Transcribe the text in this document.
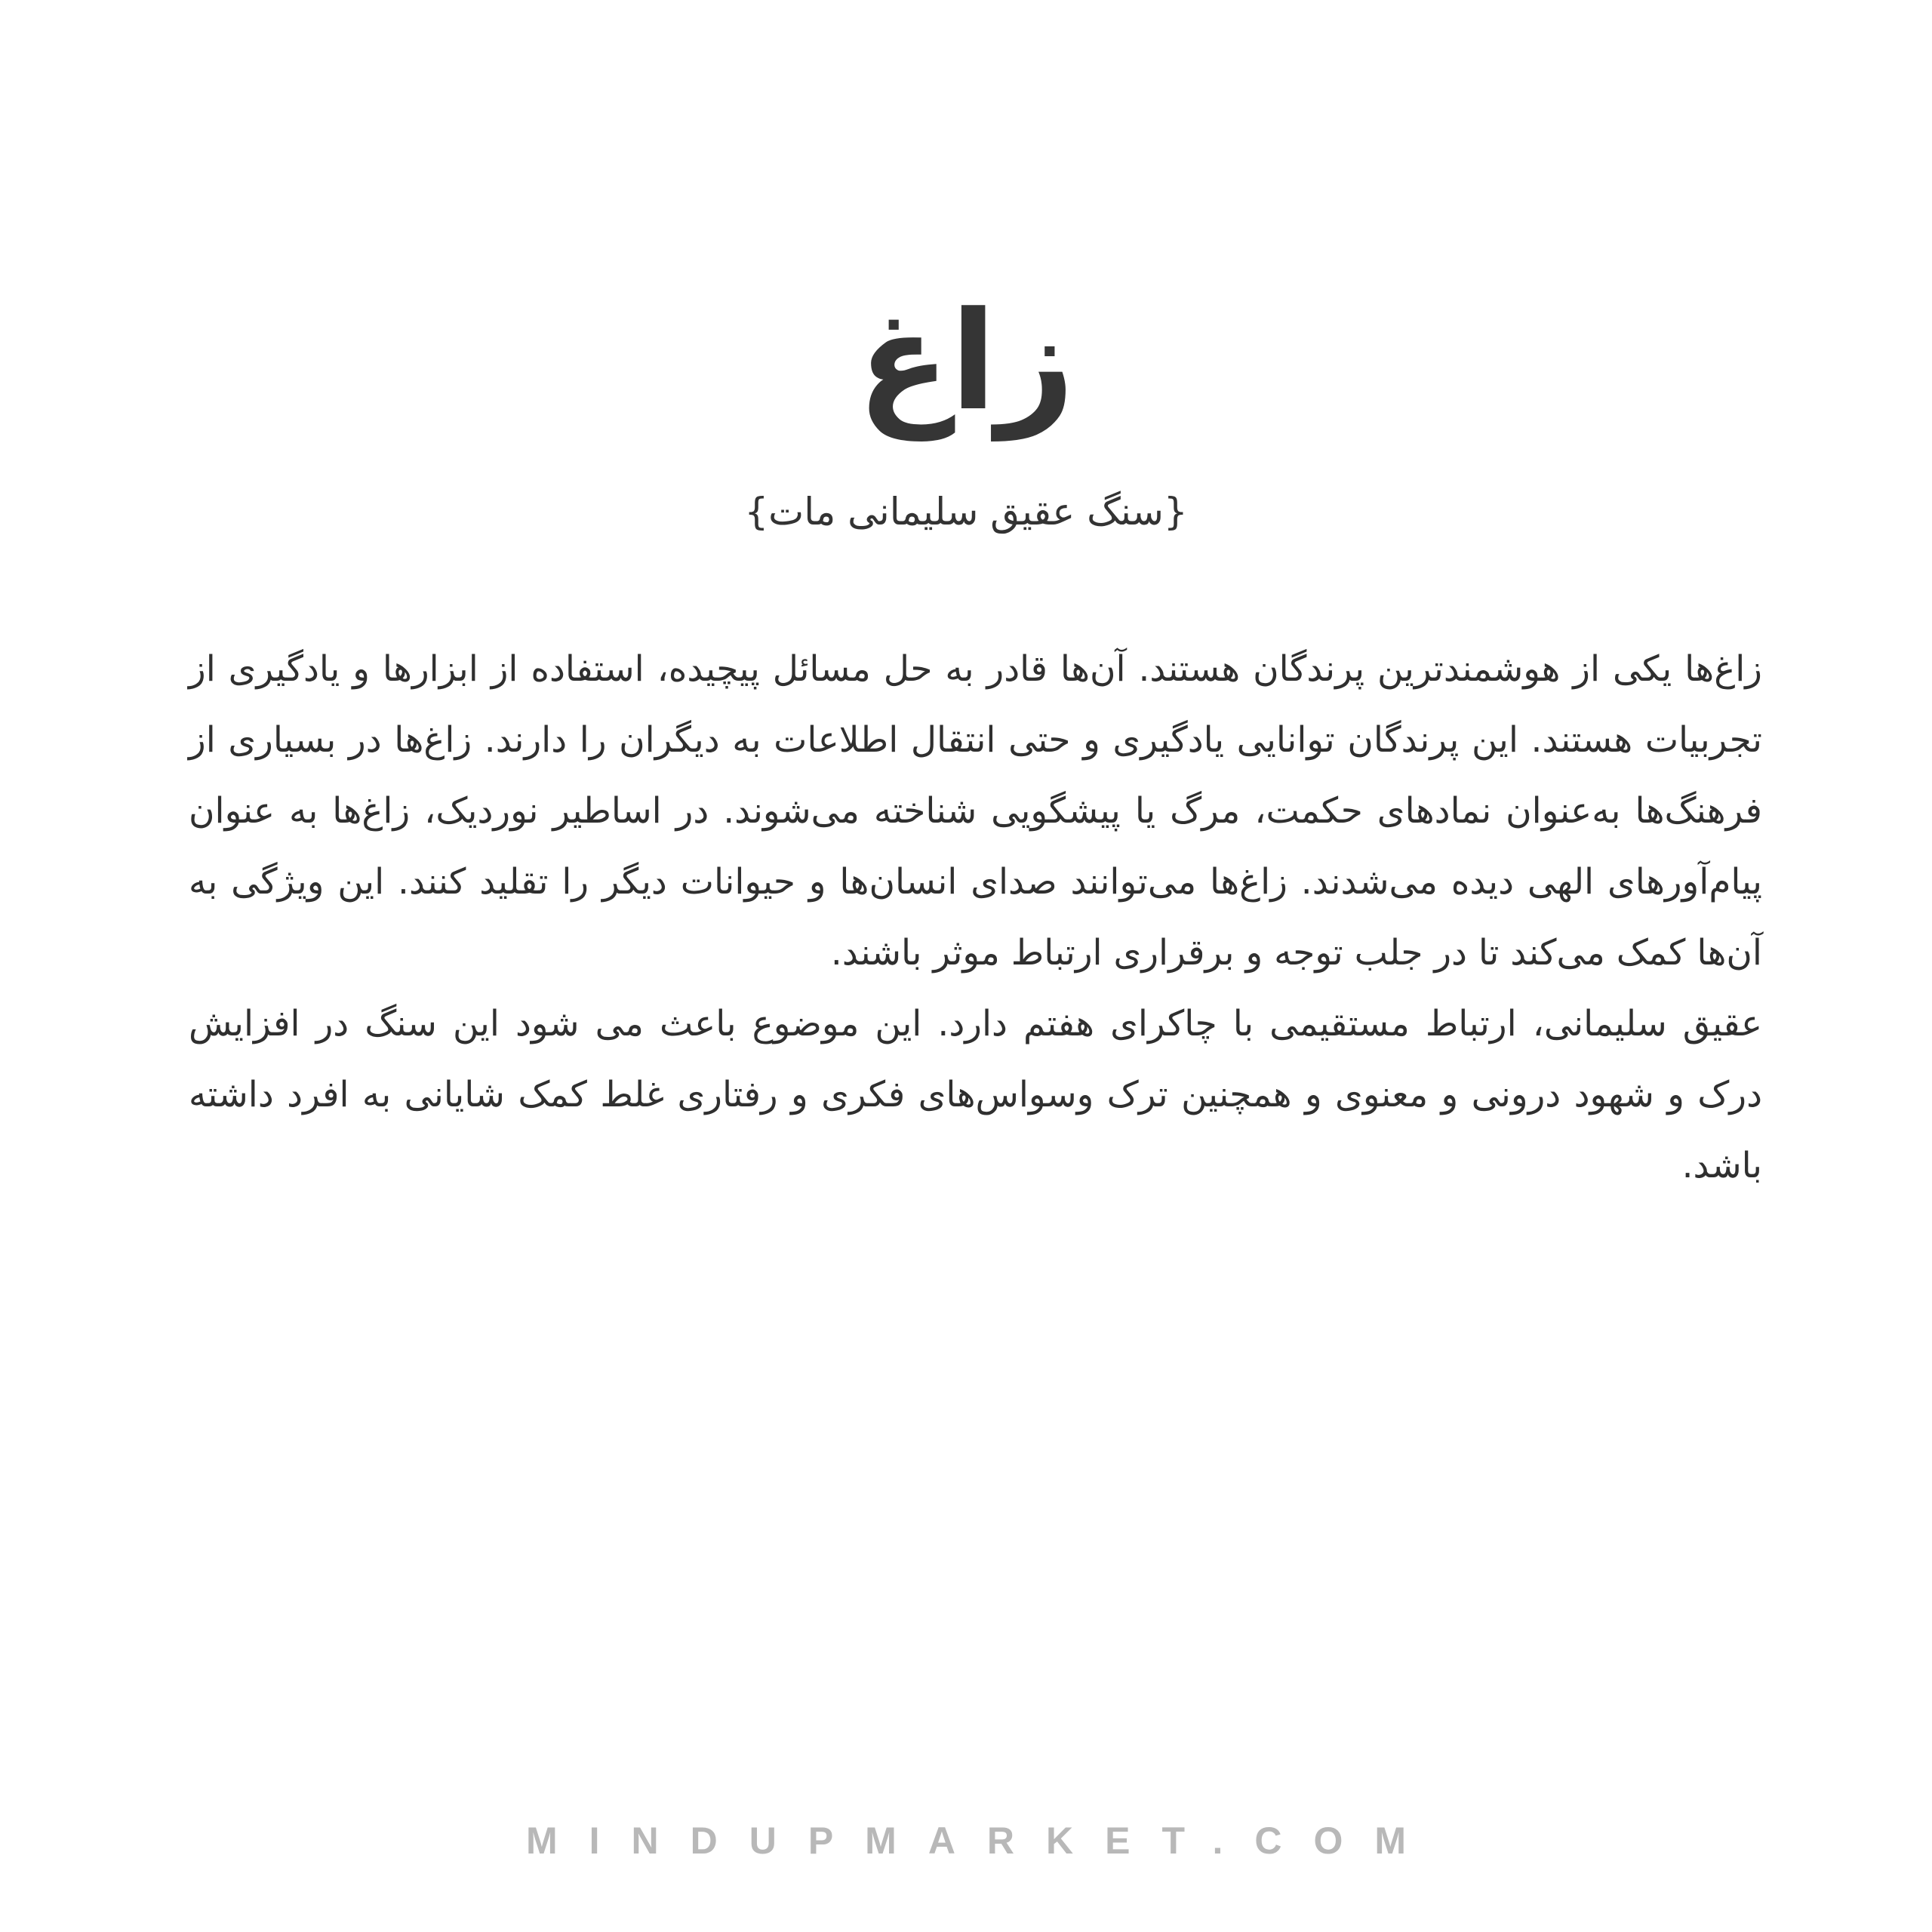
زاغ
{سنگ عقیق سلیمانی مات}

زاغ‌ها یکی از هوشمندترین پرندگان هستند. آن‌ها قادر به حل مسائل پیچیده، استفاده از ابزارها و یادگیری از تجربیات هستند. این پرندگان توانایی یادگیری و حتی انتقال اطلاعات به دیگران را دارند. زاغ‌ها در بسیاری از فرهنگ‌ها به‌عنوان نمادهای حکمت، مرگ یا پیشگویی شناخته می‌شوند. در اساطیر نوردیک، زاغ‌ها به عنوان پیام‌آورهای الهی دیده می‌شدند. زاغ‌ها می‌توانند صدای انسان‌ها و حیوانات دیگر را تقلید کنند. این ویژگی به آن‌ها کمک می‌کند تا در جلب توجه و برقراری ارتباط موثر باشند.

عقیق سلیمانی، ارتباط مستقیمی با چاکرای هفتم دارد. این موضوع باعث می شود این سنگ در افزایش درک و شهود درونی و معنوی و همچنین ترک وسواس‌های فکری و رفتاری غلط کمک شایانی به افرد داشته باشد.

MINDUPMARKET.COM
